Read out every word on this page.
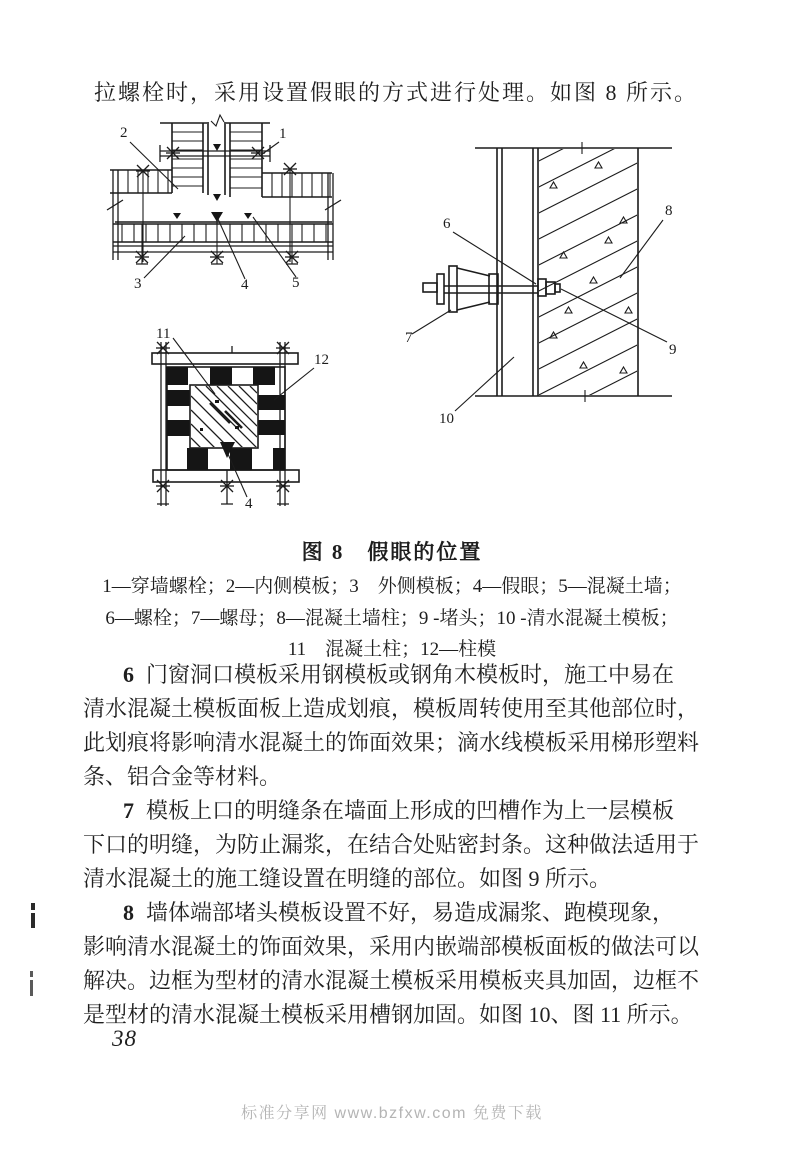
拉螺栓时，采用设置假眼的方式进行处理。如图 8 所示。
2	1
3	4	5
6
7
8
9
10
11
12
4
图 8　假眼的位置
1—穿墙螺栓；2—内侧模板；3　外侧模板；4—假眼；5—混凝土墙；
6—螺栓；7—螺母；8—混凝土墙柱；9 -堵头；10 -清水混凝土模板；
11　混凝土柱；12—柱模
6 门窗洞口模板采用钢模板或钢角木模板时，施工中易在
清水混凝土模板面板上造成划痕，模板周转使用至其他部位时，
此划痕将影响清水混凝土的饰面效果；滴水线模板采用梯形塑料
条、铝合金等材料。
7 模板上口的明缝条在墙面上形成的凹槽作为上一层模板
下口的明缝，为防止漏浆，在结合处贴密封条。这种做法适用于
清水混凝土的施工缝设置在明缝的部位。如图 9 所示。
8 墙体端部堵头模板设置不好，易造成漏浆、跑模现象，
影响清水混凝土的饰面效果，采用内嵌端部模板面板的做法可以
解决。边框为型材的清水混凝土模板采用模板夹具加固，边框不
是型材的清水混凝土模板采用槽钢加固。如图 10、图 11 所示。
38
标准分享网 www.bzfxw.com 免费下载
